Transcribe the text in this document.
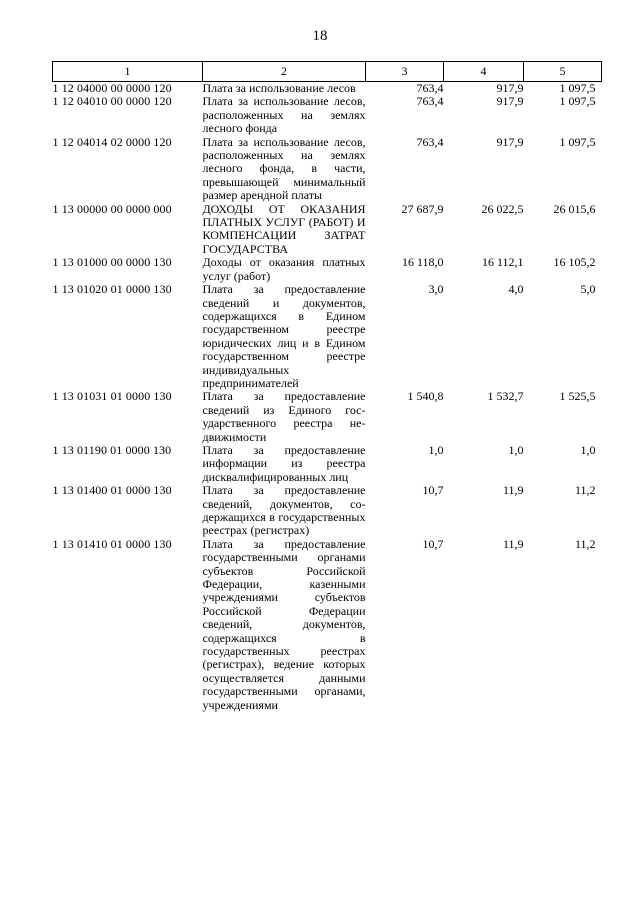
18
1	2	3	4	5
1 12 04000 00 0000 120	Плата за использование лесов	763,4	917,9	1 097,5
1 12 04010 00 0000 120	Плата за использование лесов, расположенных на землях лесного фонда	763,4	917,9	1 097,5
1 12 04014 02 0000 120	Плата за использование лесов, расположенных на землях лесного фонда, в части, превышающей минимальный размер арендной платы	763,4	917,9	1 097,5
1 13 00000 00 0000 000	ДОХОДЫ ОТ ОКАЗАНИЯ ПЛАТНЫХ УСЛУГ (РАБОТ) И КОМПЕНСАЦИИ ЗАТРАТ ГОСУДАРСТВА	27 687,9	26 022,5	26 015,6
1 13 01000 00 0000 130	Доходы от оказания платных услуг (работ)	16 118,0	16 112,1	16 105,2
1 13 01020 01 0000 130	Плата за предоставление сведений и документов, содержащихся в Едином государственном реестре юридических лиц и в Едином государственном реестре индивидуальных предпринимателей	3,0	4,0	5,0
1 13 01031 01 0000 130	Плата за предоставление сведений из Единого государственного реестра недвижимости	1 540,8	1 532,7	1 525,5
1 13 01190 01 0000 130	Плата за предоставление информации из реестра дисквалифицированных лиц	1,0	1,0	1,0
1 13 01400 01 0000 130	Плата за предоставление сведений, документов, содержащихся в государственных реестрах (регистрах)	10,7	11,9	11,2
1 13 01410 01 0000 130	Плата за предоставление государственными органами субъектов Российской Федерации, казенными учреждениями субъектов Российской Федерации сведений, документов, содержащихся в государственных реестрах (регистрах), ведение которых осуществляется данными государственными органами, учреждениями	10,7	11,9	11,2
